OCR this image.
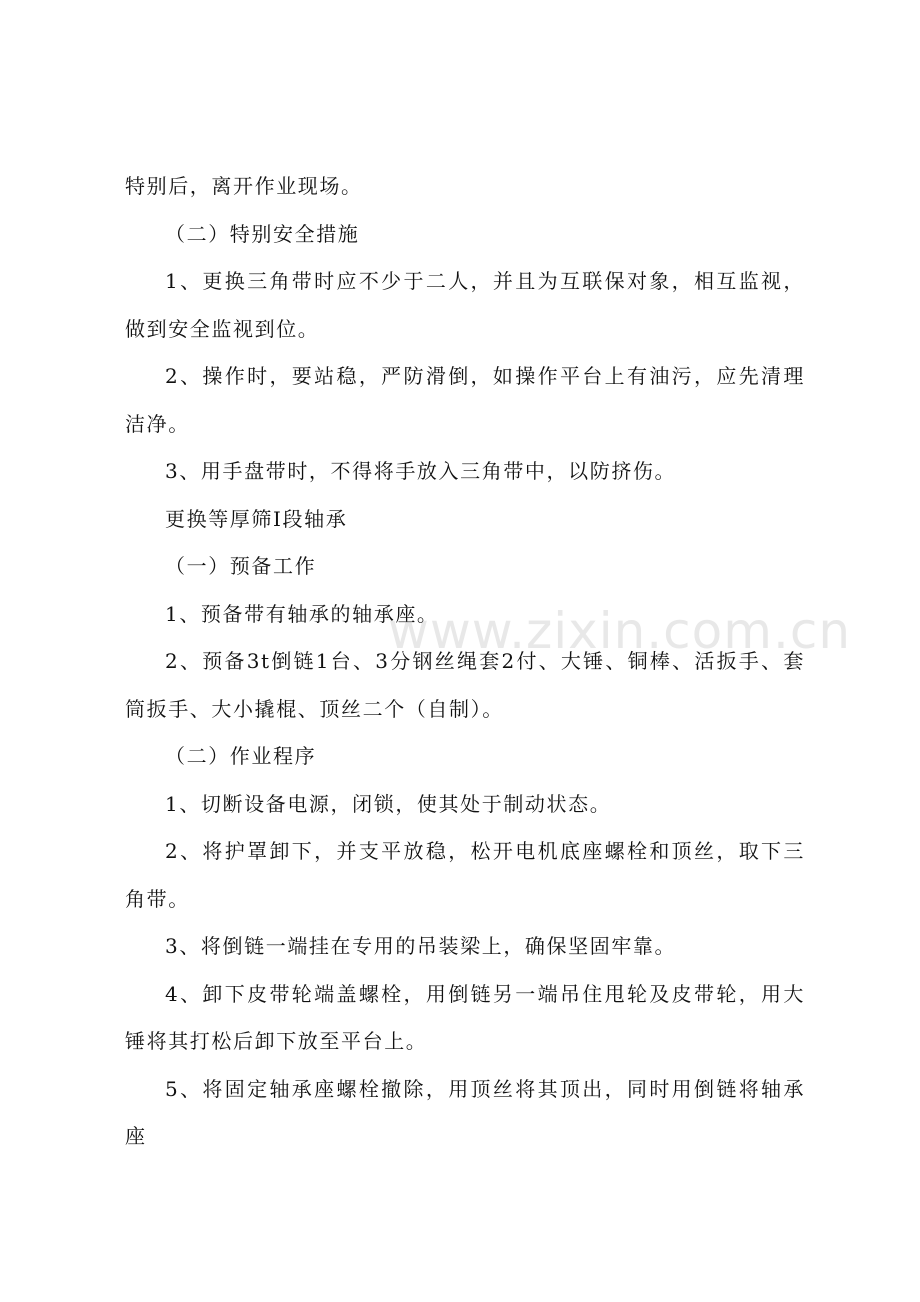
特别后，离开作业现场。

（二）特别安全措施

1、更换三角带时应不少于二人，并且为互联保对象，相互监视，做到安全监视到位。

2、操作时，要站稳，严防滑倒，如操作平台上有油污，应先清理洁净。

3、用手盘带时，不得将手放入三角带中，以防挤伤。

更换等厚筛Ⅰ段轴承

（一）预备工作

1、预备带有轴承的轴承座。

2、预备3t倒链1台、3分钢丝绳套2付、大锤、铜棒、活扳手、套筒扳手、大小撬棍、顶丝二个（自制）。

（二）作业程序

1、切断设备电源，闭锁，使其处于制动状态。

2、将护罩卸下，并支平放稳，松开电机底座螺栓和顶丝，取下三角带。

3、将倒链一端挂在专用的吊装梁上，确保坚固牢靠。

4、卸下皮带轮端盖螺栓，用倒链另一端吊住甩轮及皮带轮，用大锤将其打松后卸下放至平台上。

5、将固定轴承座螺栓撤除，用顶丝将其顶出，同时用倒链将轴承座

www.zixin.com.cn
